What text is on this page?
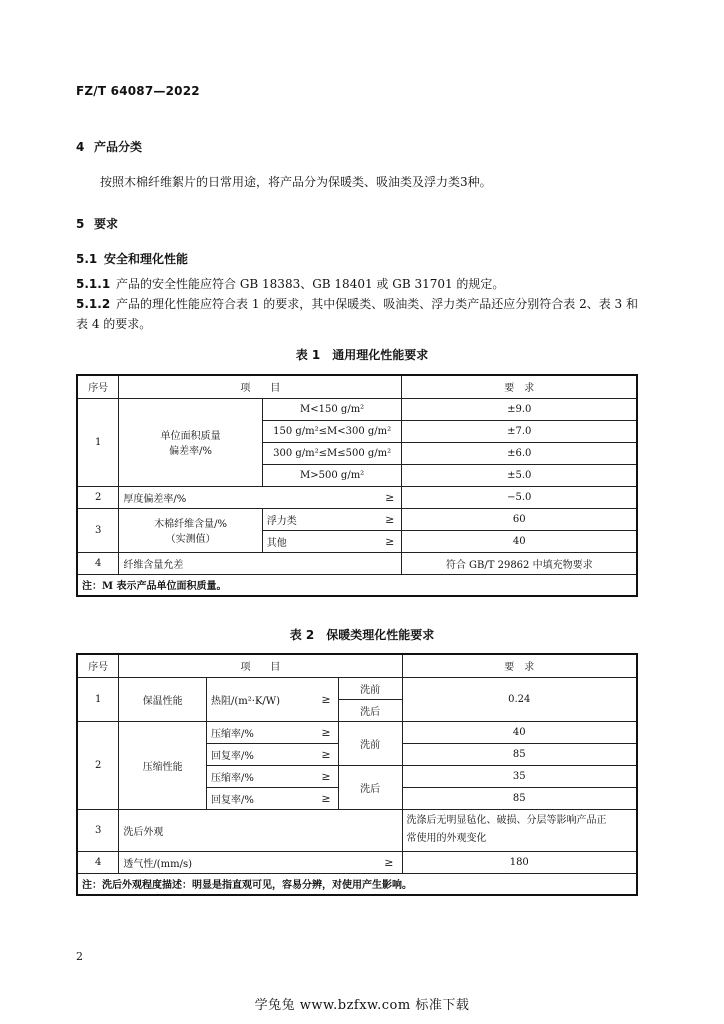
FZ/T 64087—2022
4 产品分类
按照木棉纤维絮片的日常用途，将产品分为保暖类、吸油类及浮力类3种。
5 要求
5.1 安全和理化性能
5.1.1 产品的安全性能应符合 GB 18383、GB 18401 或 GB 31701 的规定。
5.1.2 产品的理化性能应符合表 1 的要求，其中保暖类、吸油类、浮力类产品还应分别符合表 2、表 3 和
表 4 的要求。
表 1　通用理化性能要求
序号	项　　目			要　求
1	单位面积质量
偏差率/%	M<150 g/m²		±9.0
		150 g/m²≤M<300 g/m²		±7.0
		300 g/m²≤M≤500 g/m²		±6.0
		M>500 g/m²		±5.0
2	厚度偏差率/%		≥	−5.0
3	木棉纤维含量/%
（实测值）	浮力类	≥	60
		其他	≥	40
4	纤维含量允差			符合 GB/T 29862 中填充物要求
注：M 表示产品单位面积质量。				
表 2　保暖类理化性能要求
序号	项　　目				要　求
1	保温性能	热阻/(m²·K/W)	≥	洗前	0.24
				洗后	
2	压缩性能	压缩率/%	≥	洗前	40
		回复率/%	≥		85
		压缩率/%	≥	洗后	35
		回复率/%	≥		85
3	洗后外观				洗涤后无明显毡化、破损、分层等影响产品正
常使用的外观变化
4	透气性/(mm/s)			≥	180
注：洗后外观程度描述：明显是指直观可见，容易分辨，对使用产生影响。					
2
学兔兔 www.bzfxw.com 标准下载
